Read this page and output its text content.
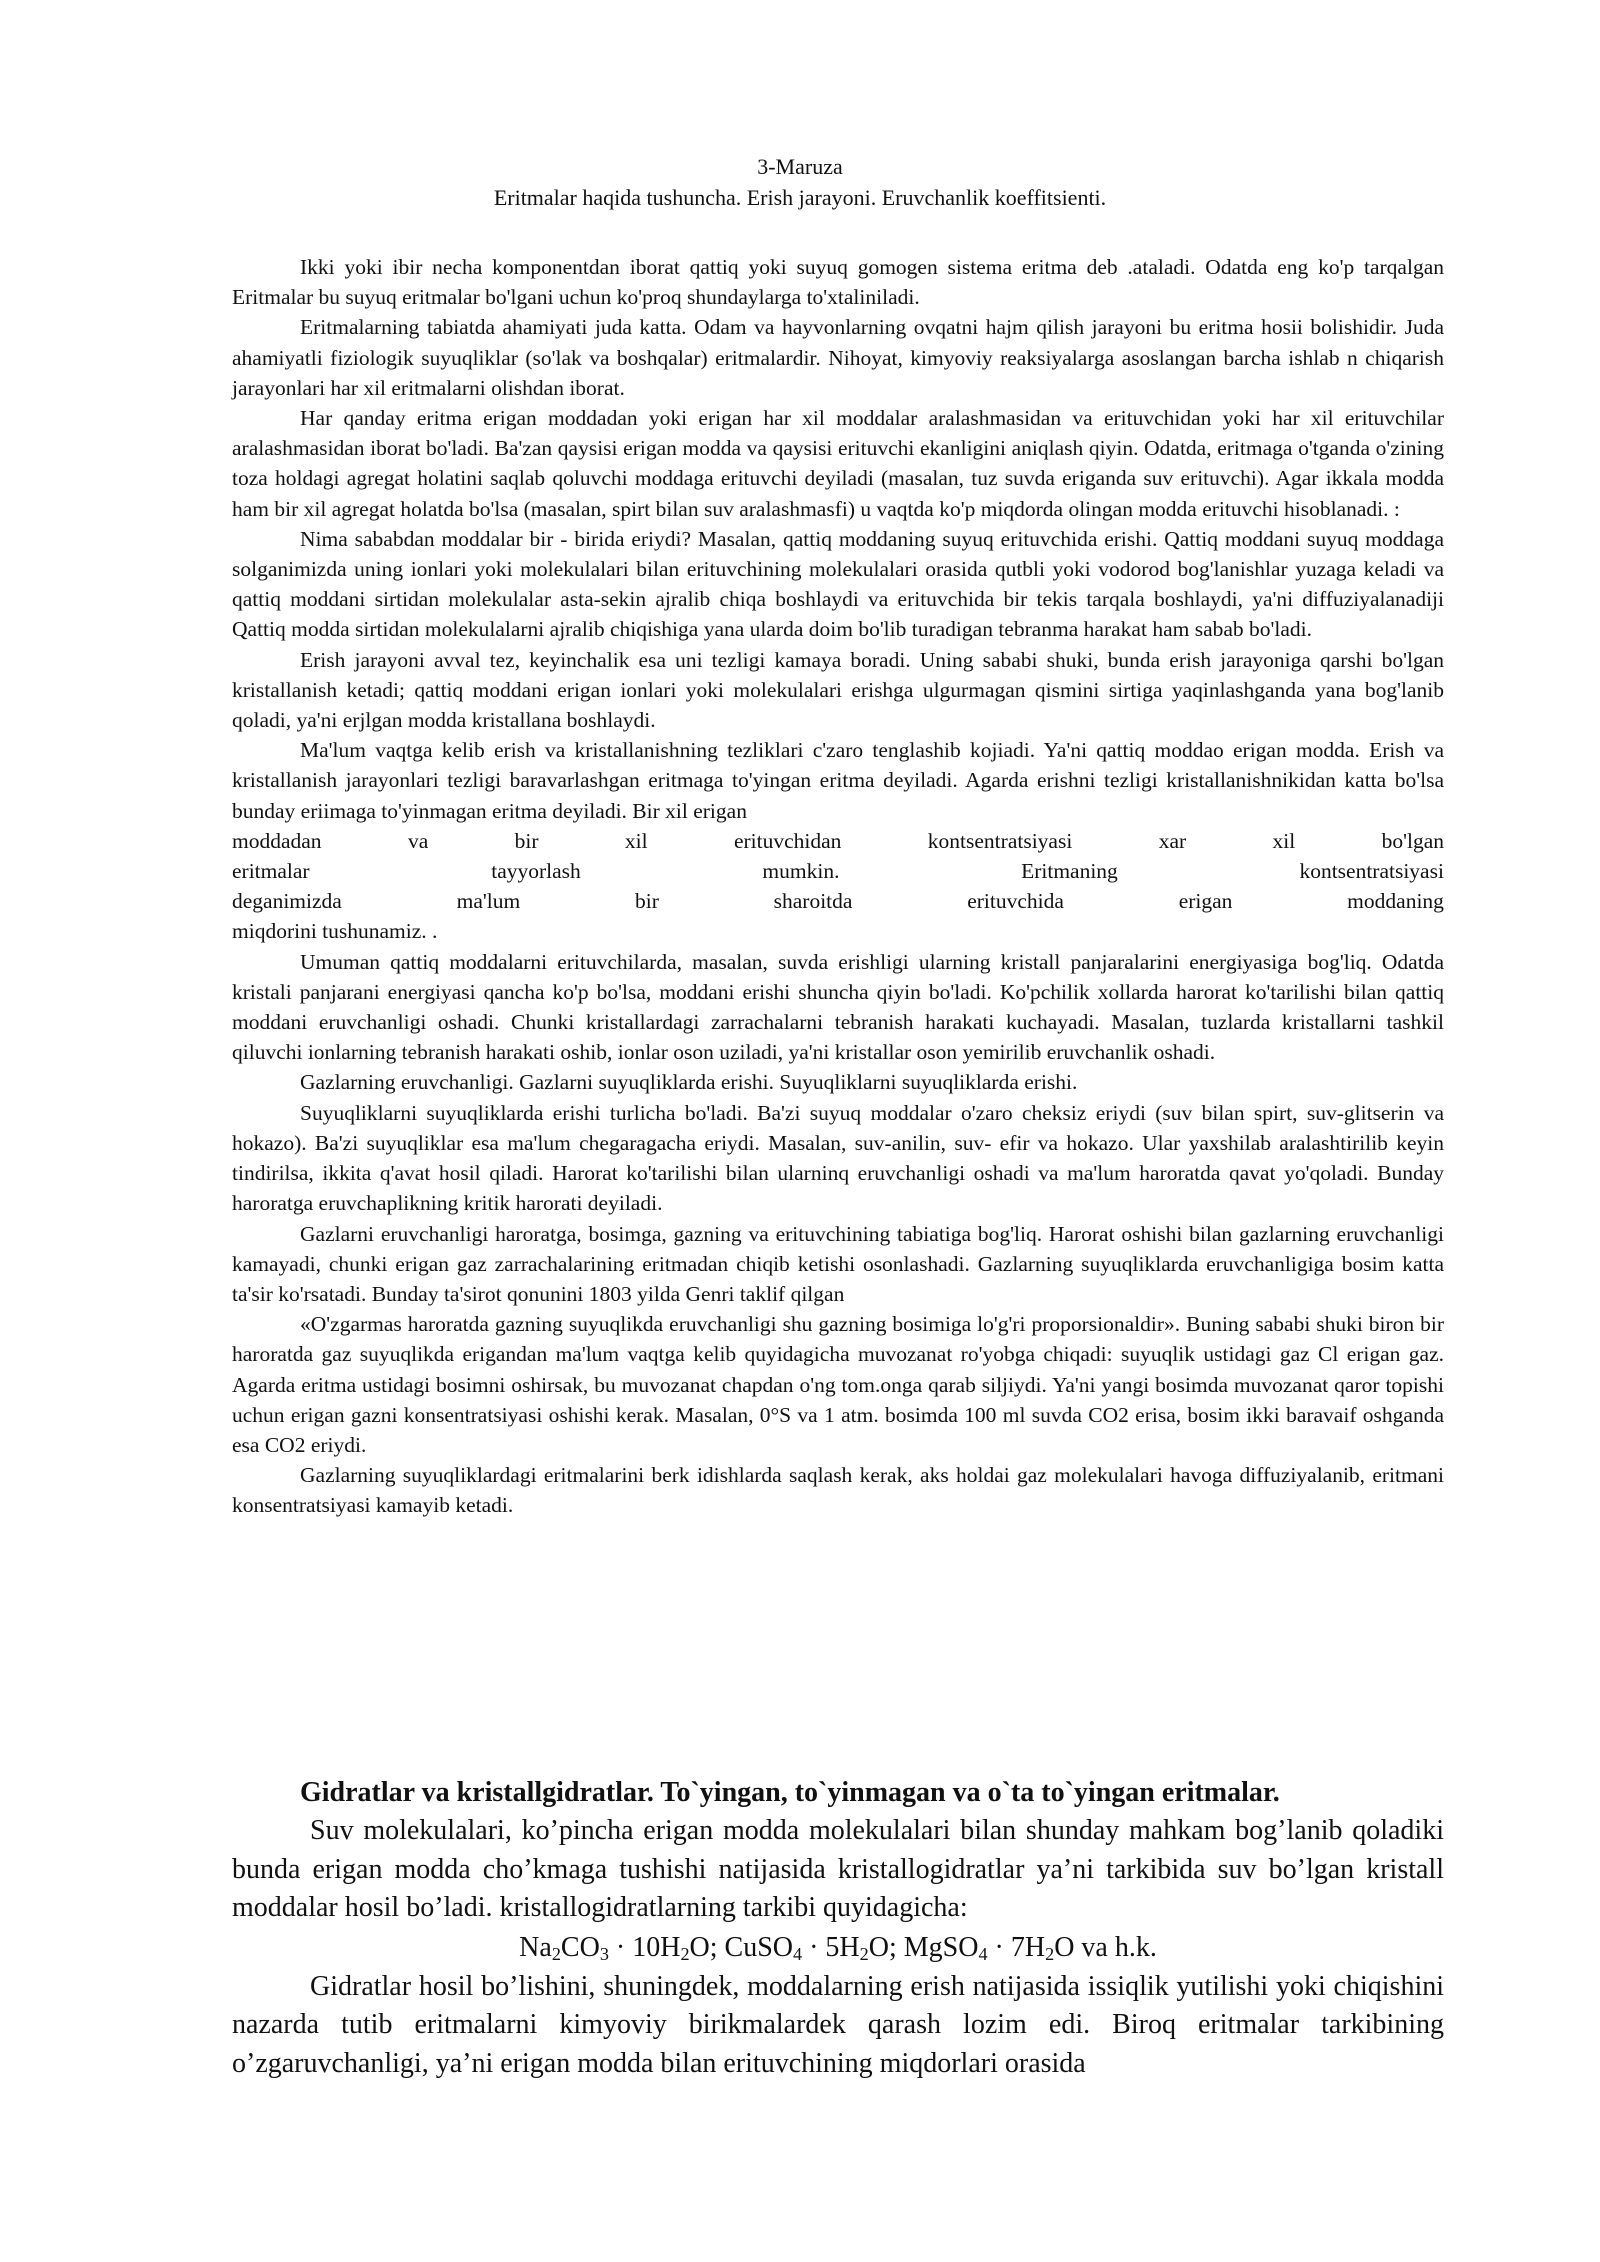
3-Maruza
Eritmalar haqida tushuncha. Erish jarayoni. Eruvchanlik koeffitsienti.

Ikki yoki ibir necha komponentdan iborat qattiq yoki suyuq gomogen sistema eritma deb .ataladi. Odatda eng ko'p tarqalgan Eritmalar bu suyuq eritmalar bo'lgani uchun ko'proq shundaylarga to'xtaliniladi.

Eritmalarning tabiatda ahamiyati juda katta. Odam va hayvonlarning ovqatni hajm qilish jarayoni bu eritma hosii bolishidir. Juda ahamiyatli fiziologik suyuqliklar (so'lak va boshqalar) eritmalardir. Nihoyat, kimyoviy reaksiyalarga asoslangan barcha ishlab n chiqarish jarayonlari har xil eritmalarni olishdan iborat.

Har qanday eritma erigan moddadan yoki erigan har xil moddalar aralashmasidan va erituvchidan yoki har xil erituvchilar aralashmasidan iborat bo'ladi. Ba'zan qaysisi erigan modda va qaysisi erituvchi ekanligini aniqlash qiyin. Odatda, eritmaga o'tganda o'zining toza holdagi agregat holatini saqlab qoluvchi moddaga erituvchi deyiladi (masalan, tuz suvda eriganda suv erituvchi). Agar ikkala modda ham bir xil agregat holatda bo'lsa (masalan, spirt bilan suv aralashmasfi) u vaqtda ko'p miqdorda olingan modda erituvchi hisoblanadi. :

Nima sababdan moddalar bir - birida eriydi? Masalan, qattiq moddaning suyuq erituvchida erishi. Qattiq moddani suyuq moddaga solganimizda uning ionlari yoki molekulalari bilan erituvchining molekulalari orasida qutbli yoki vodorod bog'lanishlar yuzaga keladi va qattiq moddani sirtidan molekulalar asta-sekin ajralib chiqa boshlaydi va erituvchida bir tekis tarqala boshlaydi, ya'ni diffuziyalanadiji Qattiq modda sirtidan molekulalarni ajralib chiqishiga yana ularda doim bo'lib turadigan tebranma harakat ham sabab bo'ladi.

Erish jarayoni avval tez, keyinchalik esa uni tezligi kamaya boradi. Uning sababi shuki, bunda erish jarayoniga qarshi bo'lgan kristallanish ketadi; qattiq moddani erigan ionlari yoki molekulalari erishga ulgurmagan qismini sirtiga yaqinlashganda yana bog'lanib qoladi, ya'ni erjlgan modda kristallana boshlaydi.

Ma'lum vaqtga kelib erish va kristallanishning tezliklari c'zaro tenglashib kojiadi. Ya'ni qattiq moddao erigan modda. Erish va kristallanish jarayonlari tezligi baravarlashgan eritmaga to'yingan eritma deyiladi. Agarda erishni tezligi kristallanishnikidan katta bo'lsa bunday eriimaga to'yinmagan eritma deyiladi. Bir xil erigan

moddadan	va	bir	xil	erituvchidan	kontsentratsiyasi	xar	xil	bo'lgan
eritmalar	tayyorlash	mumkin.	Eritmaning	kontsentratsiyasi
deganimizda	ma'lum	bir	sharoitda	erituvchida	erigan	moddaning

miqdorini tushunamiz. .

Umuman qattiq moddalarni erituvchilarda, masalan, suvda erishligi ularning kristall panjaralarini energiyasiga bog'liq. Odatda kristali panjarani energiyasi qancha ko'p bo'lsa, moddani erishi shuncha qiyin bo'ladi. Ko'pchilik xollarda harorat ko'tarilishi bilan qattiq moddani eruvchanligi oshadi. Chunki kristallardagi zarrachalarni tebranish harakati kuchayadi. Masalan, tuzlarda kristallarni tashkil qiluvchi ionlarning tebranish harakati oshib, ionlar oson uziladi, ya'ni kristallar oson yemirilib eruvchanlik oshadi.

Gazlarning eruvchanligi. Gazlarni suyuqliklarda erishi. Suyuqliklarni suyuqliklarda erishi.

Suyuqliklarni suyuqliklarda erishi turlicha bo'ladi. Ba'zi suyuq moddalar o'zaro cheksiz eriydi (suv bilan spirt, suv-glitserin va hokazo). Ba'zi suyuqliklar esa ma'lum chegaragacha eriydi. Masalan, suv-anilin, suv- efir va hokazo. Ular yaxshilab aralashtirilib keyin tindirilsa, ikkita q'avat hosil qiladi. Harorat ko'tarilishi bilan ularninq eruvchanligi oshadi va ma'lum haroratda qavat yo'qoladi. Bunday haroratga eruvchaplikning kritik harorati deyiladi.

Gazlarni eruvchanligi haroratga, bosimga, gazning va erituvchining tabiatiga bog'liq. Harorat oshishi bilan gazlarning eruvchanligi kamayadi, chunki erigan gaz zarrachalarining eritmadan chiqib ketishi osonlashadi. Gazlarning suyuqliklarda eruvchanligiga bosim katta ta'sir ko'rsatadi. Bunday ta'sirot qonunini 1803 yilda Genri taklif qilgan

«O'zgarmas haroratda gazning suyuqlikda eruvchanligi shu gazning bosimiga lo'g'ri proporsionaldir». Buning sababi shuki biron bir haroratda gaz suyuqlikda erigandan ma'lum vaqtga kelib quyidagicha muvozanat ro'yobga chiqadi: suyuqlik ustidagi gaz Cl erigan gaz. Agarda eritma ustidagi bosimni oshirsak, bu muvozanat chapdan o'ng tom.onga qarab siljiydi. Ya'ni yangi bosimda muvozanat qaror topishi uchun erigan gazni konsentratsiyasi oshishi kerak. Masalan, 0°S va 1 atm. bosimda 100 ml suvda CO2 erisa, bosim ikki baravaif oshganda esa CO2 eriydi.

Gazlarning suyuqliklardagi eritmalarini berk idishlarda saqlash kerak, aks holdai gaz molekulalari havoga diffuziyalanib, eritmani konsentratsiyasi kamayib ketadi.

Gidratlar va kristallgidratlar. To`yingan, to`yinmagan va o`ta to`yingan eritmalar.

Suv molekulalari, ko’pincha erigan modda molekulalari bilan shunday mahkam bog’lanib qoladiki bunda erigan modda cho’kmaga tushishi natijasida kristallogidratlar ya’ni tarkibida suv bo’lgan kristall moddalar hosil bo’ladi. kristallogidratlarning tarkibi quyidagicha:

$Na_2CO_3 \cdot 10H_2O$; CuSO$_4$ · $5H_2O$; MgSO$_4$ · $7H_2O$ va h.k.

Gidratlar hosil bo’lishini, shuningdek, moddalarning erish natijasida issiqlik yutilishi yoki chiqishini nazarda tutib eritmalarni kimyoviy birikmalardek qarash lozim edi. Biroq eritmalar tarkibining o’zgaruvchanligi, ya’ni erigan modda bilan erituvchining miqdorlari orasida
